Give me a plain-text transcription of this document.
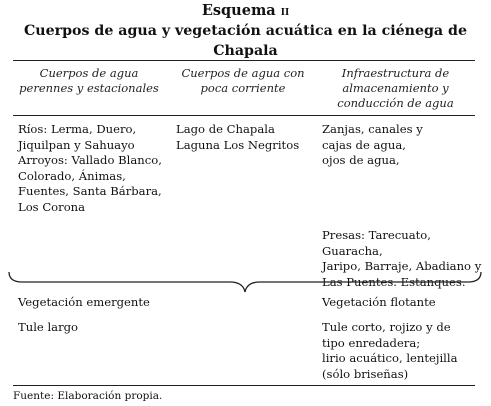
Esquema ii
Cuerpos de agua y vegetación acuática en la ciénega de Chapala
Cuerpos de agua perennes y estacionales
Cuerpos de agua con poca corriente
Infraestructura de almacenamiento y conducción de agua
Ríos: Lerma, Duero,
Jiquilpan y Sahuayo
Arroyos: Vallado Blanco,
Colorado, Ánimas,
Fuentes, Santa Bárbara,
Los Corona
Lago de Chapala
Laguna Los Negritos
Zanjas, canales y
cajas de agua,
ojos de agua,
Presas: Tarecuato, Guaracha,
Jaripo, Barraje, Abadiano y
Las Puentes. Estanques.
Vegetación emergente
Tule largo
Vegetación flotante
Tule corto, rojizo y de
tipo enredadera;
lirio acuático, lentejilla
(sólo briseñas)
Fuente: Elaboración propia.
